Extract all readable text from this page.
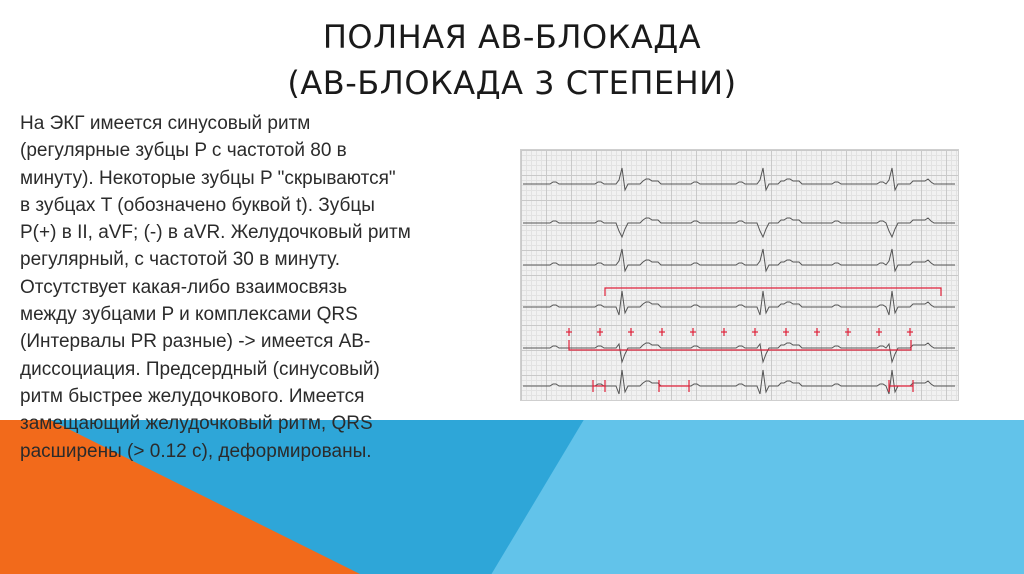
ПОЛНАЯ АВ-БЛОКАДА
(АВ-БЛОКАДА 3 СТЕПЕНИ)
На ЭКГ имеется синусовый ритм
(регулярные зубцы P с частотой 80 в
минуту). Некоторые зубцы P "скрываются"
в зубцах T (обозначено буквой t). Зубцы
P(+) в II, aVF; (-) в aVR. Желудочковый ритм
регулярный, с частотой 30 в минуту.
Отсутствует какая-либо взаимосвязь
между зубцами P и комплексами QRS
(Интервалы PR разные) -> имеется АВ-
диссоциация. Предсердный (синусовый)
ритм быстрее желудочкового. Имеется
замещающий желудочковый ритм, QRS
расширены (> 0.12 с), деформированы.
